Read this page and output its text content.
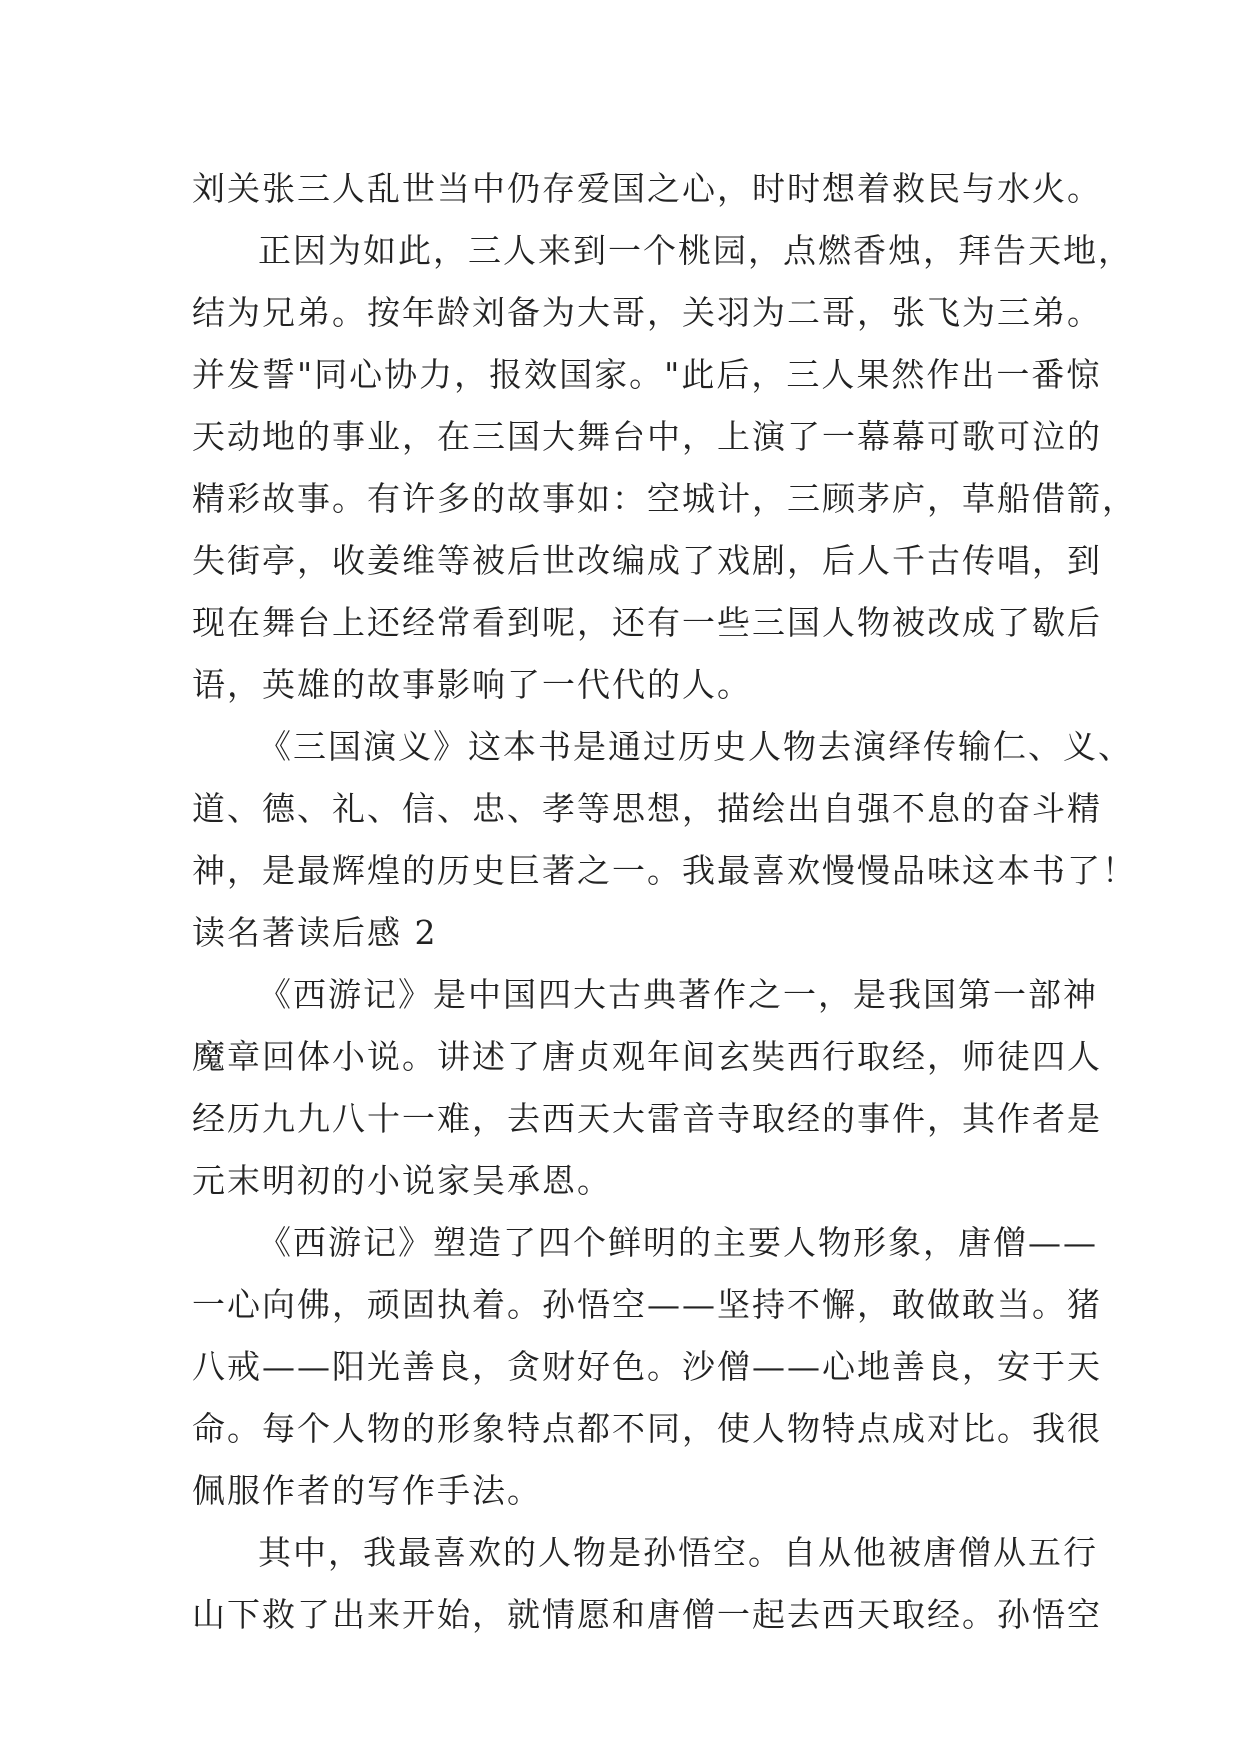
刘关张三人乱世当中仍存爱国之心，时时想着救民与水火。
正因为如此，三人来到一个桃园，点燃香烛，拜告天地，
结为兄弟。按年龄刘备为大哥，关羽为二哥，张飞为三弟。
并发誓"同心协力，报效国家。"此后，三人果然作出一番惊
天动地的事业，在三国大舞台中，上演了一幕幕可歌可泣的
精彩故事。有许多的故事如：空城计，三顾茅庐，草船借箭，
失街亭，收姜维等被后世改编成了戏剧，后人千古传唱，到
现在舞台上还经常看到呢，还有一些三国人物被改成了歇后
语，英雄的故事影响了一代代的人。
《三国演义》这本书是通过历史人物去演绎传输仁、义、
道、德、礼、信、忠、孝等思想，描绘出自强不息的奋斗精
神，是最辉煌的历史巨著之一。我最喜欢慢慢品味这本书了！
读名著读后感 2
《西游记》是中国四大古典著作之一，是我国第一部神
魔章回体小说。讲述了唐贞观年间玄奘西行取经，师徒四人
经历九九八十一难，去西天大雷音寺取经的事件，其作者是
元末明初的小说家吴承恩。
《西游记》塑造了四个鲜明的主要人物形象，唐僧——
一心向佛，顽固执着。孙悟空——坚持不懈，敢做敢当。猪
八戒——阳光善良，贪财好色。沙僧——心地善良，安于天
命。每个人物的形象特点都不同，使人物特点成对比。我很
佩服作者的写作手法。
其中，我最喜欢的人物是孙悟空。自从他被唐僧从五行
山下救了出来开始，就情愿和唐僧一起去西天取经。孙悟空
